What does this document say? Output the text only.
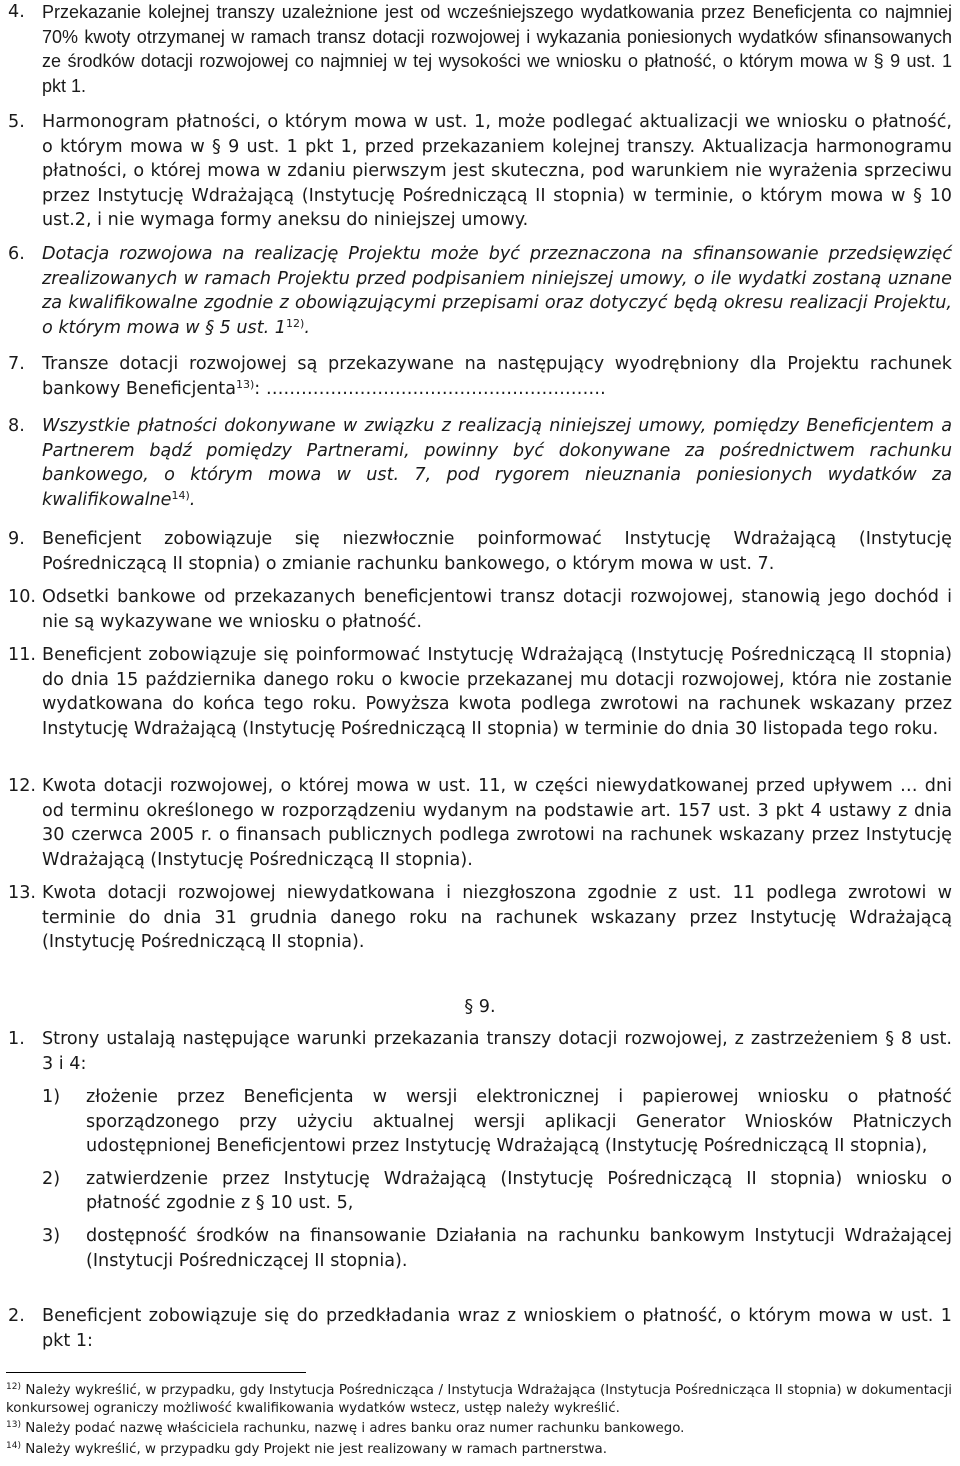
4. Przekazanie kolejnej transzy uzależnione jest od wcześniejszego wydatkowania przez Beneficjenta co najmniej 70% kwoty otrzymanej w ramach transz dotacji rozwojowej i wykazania poniesionych wydatków sfinansowanych ze środków dotacji rozwojowej co najmniej w tej wysokości we wniosku o płatność, o którym mowa w § 9 ust. 1 pkt 1.
5. Harmonogram płatności, o którym mowa w ust. 1, może podlegać aktualizacji we wniosku o płatność, o którym mowa w § 9 ust. 1 pkt 1, przed przekazaniem kolejnej transzy. Aktualizacja harmonogramu płatności, o której mowa w zdaniu pierwszym jest skuteczna, pod warunkiem nie wyrażenia sprzeciwu przez Instytucję Wdrażającą (Instytucję Pośredniczącą II stopnia) w terminie, o którym mowa w § 10 ust.2, i nie wymaga formy aneksu do niniejszej umowy.
6. Dotacja rozwojowa na realizację Projektu może być przeznaczona na sfinansowanie przedsięwzięć zrealizowanych w ramach Projektu przed podpisaniem niniejszej umowy, o ile wydatki zostaną uznane za kwalifikowalne zgodnie z obowiązującymi przepisami oraz dotyczyć będą okresu realizacji Projektu, o którym mowa w § 5 ust. 1$^{12)}$.
7. Transze dotacji rozwojowej są przekazywane na następujący wyodrębniony dla Projektu rachunek bankowy Beneficjenta$^{13)}$: ………………………………………………….
8. Wszystkie płatności dokonywane w związku z realizacją niniejszej umowy, pomiędzy Beneficjentem a Partnerem bądź pomiędzy Partnerami, powinny być dokonywane za pośrednictwem rachunku bankowego, o którym mowa w ust. 7, pod rygorem nieuznania poniesionych wydatków za kwalifikowalne$^{14)}$.
9. Beneficjent zobowiązuje się niezwłocznie poinformować Instytucję Wdrażającą (Instytucję Pośredniczącą II stopnia) o zmianie rachunku bankowego, o którym mowa w ust. 7.
10. Odsetki bankowe od przekazanych beneficjentowi transz dotacji rozwojowej, stanowią jego dochód i nie są wykazywane we wniosku o płatność.
11. Beneficjent zobowiązuje się poinformować Instytucję Wdrażającą (Instytucję Pośredniczącą II stopnia) do dnia 15 października danego roku o kwocie przekazanej mu dotacji rozwojowej, która nie zostanie wydatkowana do końca tego roku. Powyższa kwota podlega zwrotowi na rachunek wskazany przez Instytucję Wdrażającą (Instytucję Pośredniczącą II stopnia) w terminie do dnia 30 listopada tego roku.
12. Kwota dotacji rozwojowej, o której mowa w ust. 11, w części niewydatkowanej przed upływem … dni od terminu określonego w rozporządzeniu wydanym na podstawie art. 157 ust. 3 pkt 4 ustawy z dnia 30 czerwca 2005 r. o finansach publicznych podlega zwrotowi na rachunek wskazany przez Instytucję Wdrażającą (Instytucję Pośredniczącą II stopnia).
13. Kwota dotacji rozwojowej niewydatkowana i niezgłoszona zgodnie z ust. 11 podlega zwrotowi w terminie do dnia 31 grudnia danego roku na rachunek wskazany przez Instytucję Wdrażającą (Instytucję Pośredniczącą II stopnia).
§ 9.
1. Strony ustalają następujące warunki przekazania transzy dotacji rozwojowej, z zastrzeżeniem § 8 ust. 3 i 4:
1)	złożenie przez Beneficjenta w wersji elektronicznej i papierowej wniosku o płatność sporządzonego przy użyciu aktualnej wersji aplikacji Generator Wniosków Płatniczych udostępnionej Beneficjentowi przez Instytucję Wdrażającą (Instytucję Pośredniczącą II stopnia),
2)	zatwierdzenie przez Instytucję Wdrażającą (Instytucję Pośredniczącą II stopnia) wniosku o płatność zgodnie z § 10 ust. 5,
3)	dostępność środków na finansowanie Działania na rachunku bankowym Instytucji Wdrażającej (Instytucji Pośredniczącej II stopnia).
2. Beneficjent zobowiązuje się do przedkładania wraz z wnioskiem o płatność, o którym mowa w ust. 1 pkt 1:
$^{12)}$ Należy wykreślić, w przypadku, gdy Instytucja Pośrednicząca / Instytucja Wdrażająca (Instytucja Pośrednicząca II stopnia) w dokumentacji konkursowej ograniczy możliwość kwalifikowania wydatków wstecz, ustęp należy wykreślić.
$^{13)}$ Należy podać nazwę właściciela rachunku, nazwę i adres banku oraz numer rachunku bankowego.
$^{14)}$ Należy wykreślić, w przypadku gdy Projekt nie jest realizowany w ramach partnerstwa.
